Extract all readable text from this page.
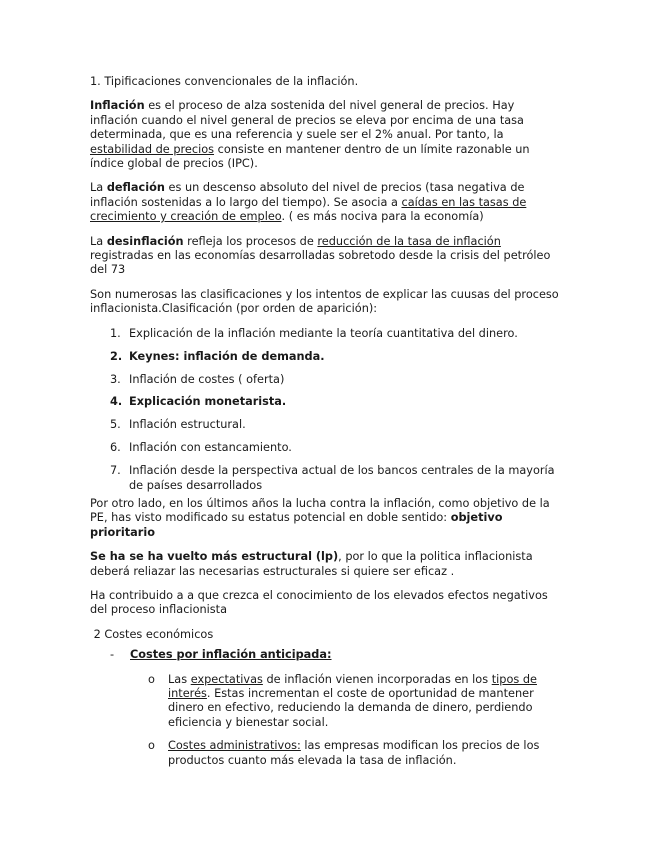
1. Tipificaciones convencionales de la inflación.

Inflación es el proceso de alza sostenida del nivel general de precios. Hay inflación cuando el nivel general de precios se eleva por encima de una tasa determinada, que es una referencia y suele ser el 2% anual. Por tanto, la estabilidad de precios consiste en mantener dentro de un límite razonable un índice global de precios (IPC).

La deflación es un descenso absoluto del nivel de precios (tasa negativa de inflación sostenidas a lo largo del tiempo). Se asocia a caídas en las tasas de crecimiento y creación de empleo. ( es más nociva para la economía)

La desinflación refleja los procesos de reducción de la tasa de inflación registradas en las economías desarrolladas sobretodo desde la crisis del petróleo del 73

Son numerosas las clasificaciones y los intentos de explicar las cuusas del proceso inflacionista.Clasificación (por orden de aparición):

1. Explicación de la inflación mediante la teoría cuantitativa del dinero.
2. Keynes: inflación de demanda.
3. Inflación de costes ( oferta)
4. Explicación monetarista.
5. Inflación estructural.
6. Inflación con estancamiento.
7. Inflación desde la perspectiva actual de los bancos centrales de la mayoría de países desarrollados

Por otro lado, en los últimos años la lucha contra la inflación, como objetivo de la PE, has visto modificado su estatus potencial en doble sentido: objetivo prioritario

Se ha se ha vuelto más estructural (lp), por lo que la politica inflacionista deberá reliazar las necesarias estructurales si quiere ser eficaz .

Ha contribuido a a que crezca el conocimiento de los elevados efectos negativos del proceso inflacionista

2 Costes económicos

- Costes por inflación anticipada:
o Las expectativas de inflación vienen incorporadas en los tipos de interés. Estas incrementan el coste de oportunidad de mantener dinero en efectivo, reduciendo la demanda de dinero, perdiendo eficiencia y bienestar social.
o Costes administrativos: las empresas modifican los precios de los productos cuanto más elevada la tasa de inflación.
